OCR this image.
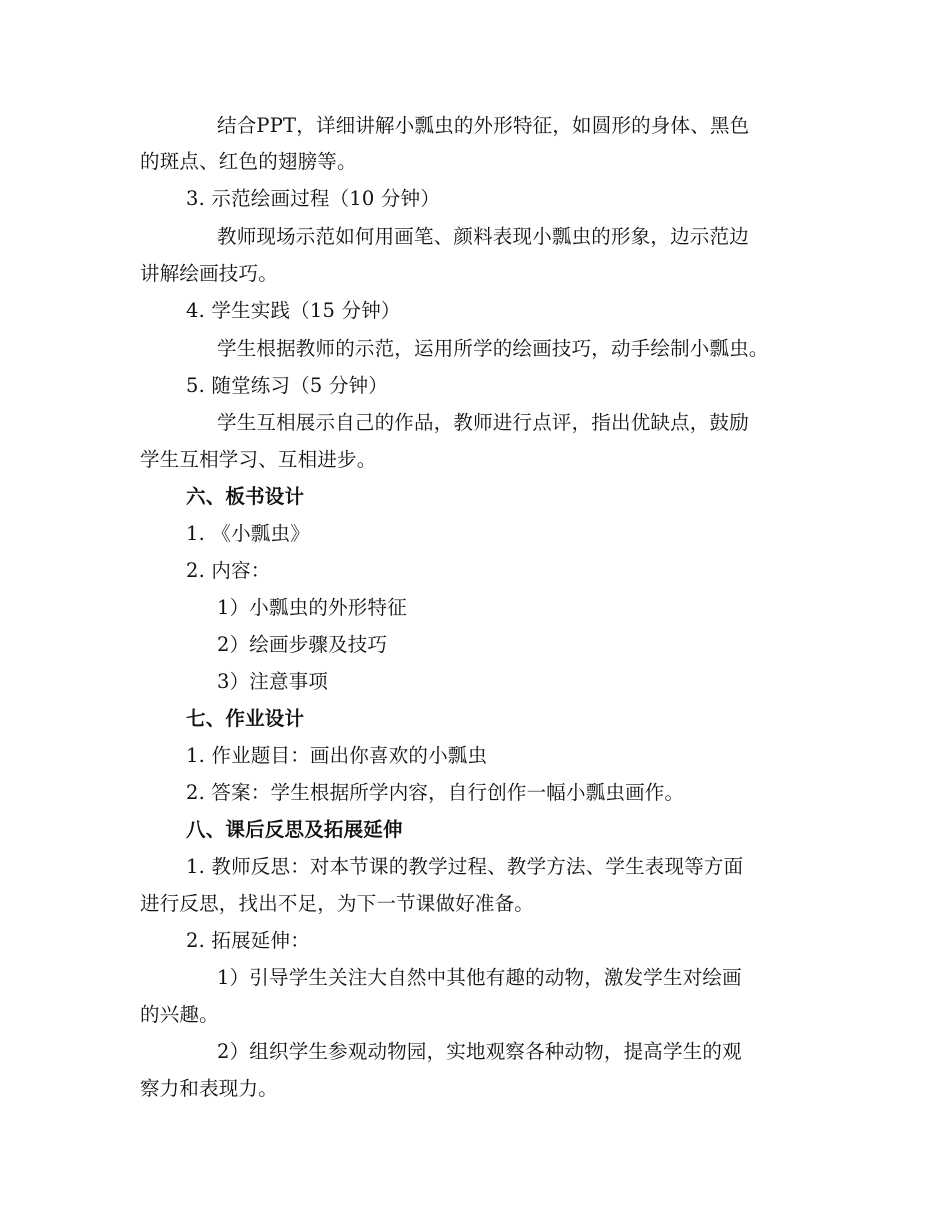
结合PPT，详细讲解小瓢虫的外形特征，如圆形的身体、黑色

的斑点、红色的翅膀等。

3. 示范绘画过程（10 分钟）

教师现场示范如何用画笔、颜料表现小瓢虫的形象，边示范边

讲解绘画技巧。

4. 学生实践（15 分钟）

学生根据教师的示范，运用所学的绘画技巧，动手绘制小瓢虫。

5. 随堂练习（5 分钟）

学生互相展示自己的作品，教师进行点评，指出优缺点，鼓励

学生互相学习、互相进步。

六、板书设计

1. 《小瓢虫》

2. 内容：

1）小瓢虫的外形特征

2）绘画步骤及技巧

3）注意事项

七、作业设计

1. 作业题目：画出你喜欢的小瓢虫

2. 答案：学生根据所学内容，自行创作一幅小瓢虫画作。

八、课后反思及拓展延伸

1. 教师反思：对本节课的教学过程、教学方法、学生表现等方面

进行反思，找出不足，为下一节课做好准备。

2. 拓展延伸：

1）引导学生关注大自然中其他有趣的动物，激发学生对绘画

的兴趣。

2）组织学生参观动物园，实地观察各种动物，提高学生的观

察力和表现力。
